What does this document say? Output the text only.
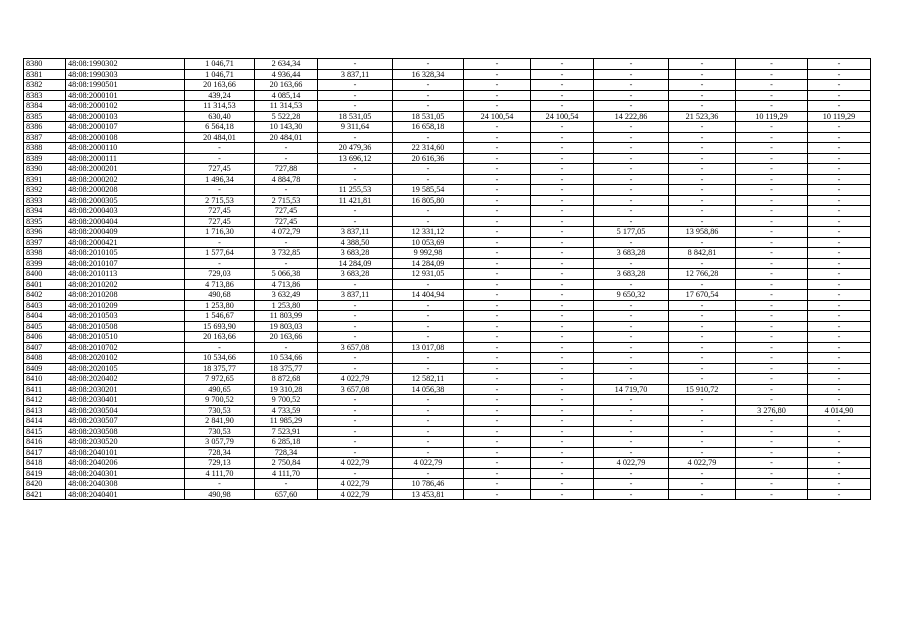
8380	48:08:1990302	1 046,71	2 634,34	-	-	-	-	-	-	-	-
8381	48:08:1990303	1 046,71	4 936,44	3 837,11	16 328,34	-	-	-	-	-	-
8382	48:08:1990501	20 163,66	20 163,66	-	-	-	-	-	-	-	-
8383	48:08:2000101	439,24	4 085,14	-	-	-	-	-	-	-	-
8384	48:08:2000102	11 314,53	11 314,53	-	-	-	-	-	-	-	-
8385	48:08:2000103	630,40	5 522,28	18 531,05	18 531,05	24 100,54	24 100,54	14 222,86	21 523,36	10 119,29	10 119,29
8386	48:08:2000107	6 564,18	10 143,30	9 311,64	16 658,18	-	-	-	-	-	-
8387	48:08:2000108	20 484,01	20 484,01	-	-	-	-	-	-	-	-
8388	48:08:2000110	-	-	20 479,36	22 314,60	-	-	-	-	-	-
8389	48:08:2000111	-	-	13 696,12	20 616,36	-	-	-	-	-	-
8390	48:08:2000201	727,45	727,88	-	-	-	-	-	-	-	-
8391	48:08:2000202	1 496,34	4 884,78	-	-	-	-	-	-	-	-
8392	48:08:2000208	-	-	11 255,53	19 585,54	-	-	-	-	-	-
8393	48:08:2000305	2 715,53	2 715,53	11 421,81	16 805,80	-	-	-	-	-	-
8394	48:08:2000403	727,45	727,45	-	-	-	-	-	-	-	-
8395	48:08:2000404	727,45	727,45	-	-	-	-	-	-	-	-
8396	48:08:2000409	1 716,30	4 072,79	3 837,11	12 331,12	-	-	5 177,05	13 958,86	-	-
8397	48:08:2000421	-	-	4 388,50	10 053,69	-	-	-	-	-	-
8398	48:08:2010105	1 577,64	3 732,85	3 683,28	9 992,98	-	-	3 683,28	8 842,81	-	-
8399	48:08:2010107	-	-	14 284,09	14 284,09	-	-	-	-	-	-
8400	48:08:2010113	729,03	5 066,38	3 683,28	12 931,05	-	-	3 683,28	12 766,28	-	-
8401	48:08:2010202	4 713,86	4 713,86	-	-	-	-	-	-	-	-
8402	48:08:2010208	490,68	3 632,49	3 837,11	14 404,94	-	-	9 650,32	17 670,54	-	-
8403	48:08:2010209	1 253,80	1 253,80	-	-	-	-	-	-	-	-
8404	48:08:2010503	1 546,67	11 803,99	-	-	-	-	-	-	-	-
8405	48:08:2010508	15 693,90	19 803,03	-	-	-	-	-	-	-	-
8406	48:08:2010510	20 163,66	20 163,66	-	-	-	-	-	-	-	-
8407	48:08:2010702	-	-	3 657,08	13 017,08	-	-	-	-	-	-
8408	48:08:2020102	10 534,66	10 534,66	-	-	-	-	-	-	-	-
8409	48:08:2020105	18 375,77	18 375,77	-	-	-	-	-	-	-	-
8410	48:08:2020402	7 972,65	8 872,68	4 022,79	12 582,11	-	-	-	-	-	-
8411	48:08:2030201	490,65	19 310,28	3 657,08	14 056,38	-	-	14 719,70	15 910,72	-	-
8412	48:08:2030401	9 700,52	9 700,52	-	-	-	-	-	-	-	-
8413	48:08:2030504	730,53	4 733,59	-	-	-	-	-	-	3 276,80	4 014,90
8414	48:08:2030507	2 841,90	11 985,29	-	-	-	-	-	-	-	-
8415	48:08:2030508	730,53	7 523,91	-	-	-	-	-	-	-	-
8416	48:08:2030520	3 057,79	6 285,18	-	-	-	-	-	-	-	-
8417	48:08:2040101	728,34	728,34	-	-	-	-	-	-	-	-
8418	48:08:2040206	729,13	2 750,84	4 022,79	4 022,79	-	-	4 022,79	4 022,79	-	-
8419	48:08:2040301	4 111,70	4 111,70	-	-	-	-	-	-	-	-
8420	48:08:2040308	-	-	4 022,79	10 786,46	-	-	-	-	-	-
8421	48:08:2040401	490,98	657,60	4 022,79	13 453,81	-	-	-	-	-	-
